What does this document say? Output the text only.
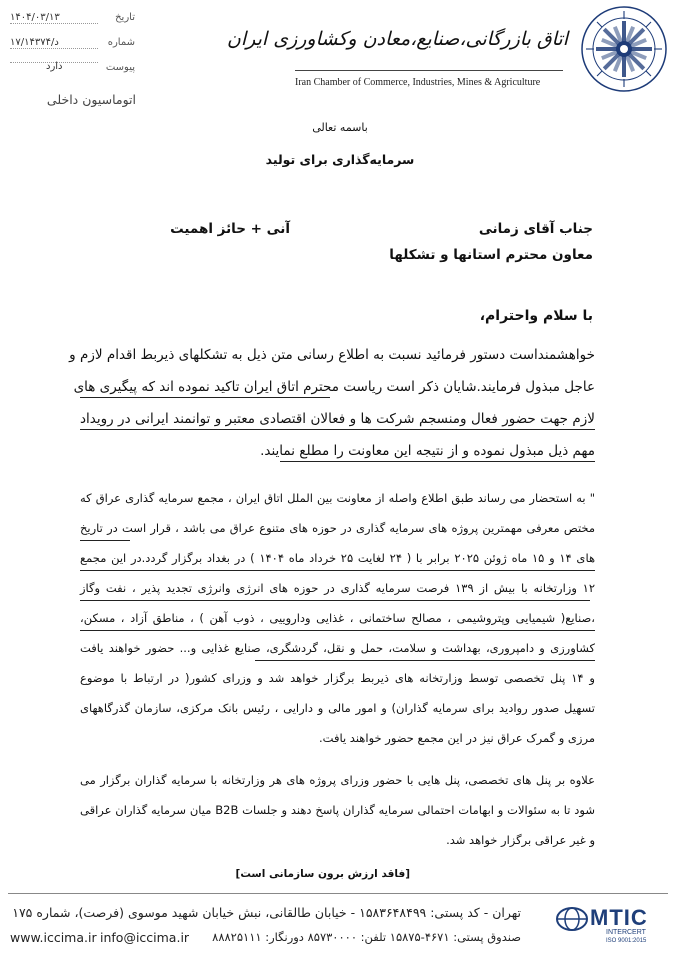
تاریخ
۱۴۰۴/۰۳/۱۳
شماره
۱۷/۱۴۳۷۴/د
پیوست
دارد
اتوماسیون داخلی
اتاق بازرگانی،صنایع،معادن وکشاورزی ایران
Iran Chamber of Commerce, Industries, Mines & Agriculture
باسمه تعالی
سرمایه‌گذاری برای تولید
جناب آقای زمانی
آنی + حائز اهمیت
معاون محترم استانها و تشکلها
با سلام واحترام،
خواهشمنداست دستور فرمائید نسبت به اطلاع رسانی متن ذیل به تشکلهای ذیربط اقدام لازم و
عاجل مبذول فرمایند.شایان ذکر است ریاست محترم اتاق ایران تاکید نموده اند که پیگیری های
لازم جهت حضور فعال ومنسجم شرکت ها و فعالان اقتصادی معتبر و توانمند ایرانی در رویداد
مهم ذیل مبذول نموده و از نتیجه این معاونت را مطلع نمایند.
" به استحضار می رساند طبق اطلاع واصله از معاونت بین الملل اتاق ایران ، مجمع سرمایه گذاری عراق که
مختص معرفی مهمترین پروژه های سرمایه گذاری در حوزه های متنوع عراق می باشد ، قرار است در تاریخ
های ۱۴ و ۱۵ ماه ژوئن ۲۰۲۵ برابر با ( ۲۴ لغایت ۲۵ خرداد ماه ۱۴۰۴ ) در بغداد برگزار گردد.در این مجمع
۱۲ وزارتخانه با بیش از ۱۳۹ فرصت سرمایه گذاری در حوزه های انرژی وانرژی تجدید پذیر ، نفت وگاز
،صنایع( شیمیایی وپتروشیمی ، مصالح ساختمانی ، غذایی وداروییی ، ذوب آهن ) ، مناطق آزاد ، مسکن،
کشاورزی و دامپروری، بهداشت و سلامت، حمل و نقل، گردشگری، صنایع غذایی و... حضور خواهند یافت
و ۱۴ پنل تخصصی توسط وزارتخانه های ذیربط برگزار خواهد شد و وزرای کشور( در ارتباط با موضوع
تسهیل صدور روادید برای سرمایه گذاران) و امور مالی و دارایی ، رئیس بانک مرکزی، سازمان گذرگاههای
مرزی و گمرک عراق نیز در این مجمع حضور خواهند یافت.
علاوه بر پنل های تخصصی، پنل هایی با حضور وزرای پروژه های هر وزارتخانه با سرمایه گذاران برگزار می
شود تا به سئوالات و ابهامات احتمالی سرمایه گذاران پاسخ دهند و جلسات B2B میان سرمایه گذاران عراقی
و غیر عراقی برگزار خواهد شد.
[فاقد ارزش برون سازمانی است]
تهران - کد پستی: ۱۵۸۳۶۴۸۴۹۹ - خیابان طالقانی، نبش خیابان شهید موسوی (فرصت)، شماره ۱۷۵
صندوق پستی: ۴۶۷۱-۱۵۸۷۵ تلفن: ۸۵۷۳۰۰۰۰ دورنگار: ۸۸۸۲۵۱۱۱
www.iccima.ir info@iccima.ir
MTIC
INTERCERT
ISO 9001:2015
